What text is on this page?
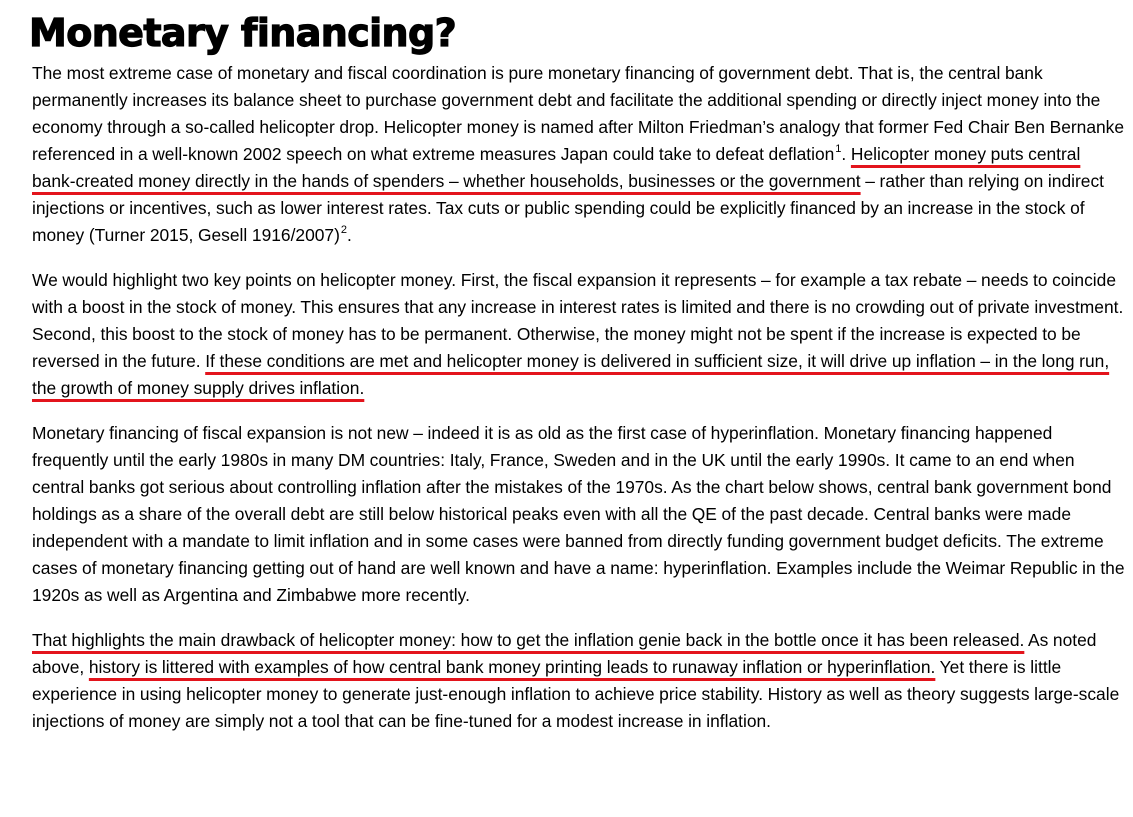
Monetary financing?

The most extreme case of monetary and fiscal coordination is pure monetary financing of government debt. That is, the central bank permanently increases its balance sheet to purchase government debt and facilitate the additional spending or directly inject money into the economy through a so-called helicopter drop. Helicopter money is named after Milton Friedman’s analogy that former Fed Chair Ben Bernanke referenced in a well-known 2002 speech on what extreme measures Japan could take to defeat deflation$^1$. Helicopter money puts central bank-created money directly in the hands of spenders – whether households, businesses or the government – rather than relying on indirect injections or incentives, such as lower interest rates. Tax cuts or public spending could be explicitly financed by an increase in the stock of money (Turner 2015, Gesell 1916/2007)$^2$.

We would highlight two key points on helicopter money. First, the fiscal expansion it represents – for example a tax rebate – needs to coincide with a boost in the stock of money. This ensures that any increase in interest rates is limited and there is no crowding out of private investment. Second, this boost to the stock of money has to be permanent. Otherwise, the money might not be spent if the increase is expected to be reversed in the future. If these conditions are met and helicopter money is delivered in sufficient size, it will drive up inflation – in the long run, the growth of money supply drives inflation.

Monetary financing of fiscal expansion is not new – indeed it is as old as the first case of hyperinflation. Monetary financing happened frequently until the early 1980s in many DM countries: Italy, France, Sweden and in the UK until the early 1990s. It came to an end when central banks got serious about controlling inflation after the mistakes of the 1970s. As the chart below shows, central bank government bond holdings as a share of the overall debt are still below historical peaks even with all the QE of the past decade. Central banks were made independent with a mandate to limit inflation and in some cases were banned from directly funding government budget deficits. The extreme cases of monetary financing getting out of hand are well known and have a name: hyperinflation. Examples include the Weimar Republic in the 1920s as well as Argentina and Zimbabwe more recently.

That highlights the main drawback of helicopter money: how to get the inflation genie back in the bottle once it has been released. As noted above, history is littered with examples of how central bank money printing leads to runaway inflation or hyperinflation. Yet there is little experience in using helicopter money to generate just-enough inflation to achieve price stability. History as well as theory suggests large-scale injections of money are simply not a tool that can be fine-tuned for a modest increase in inflation.
